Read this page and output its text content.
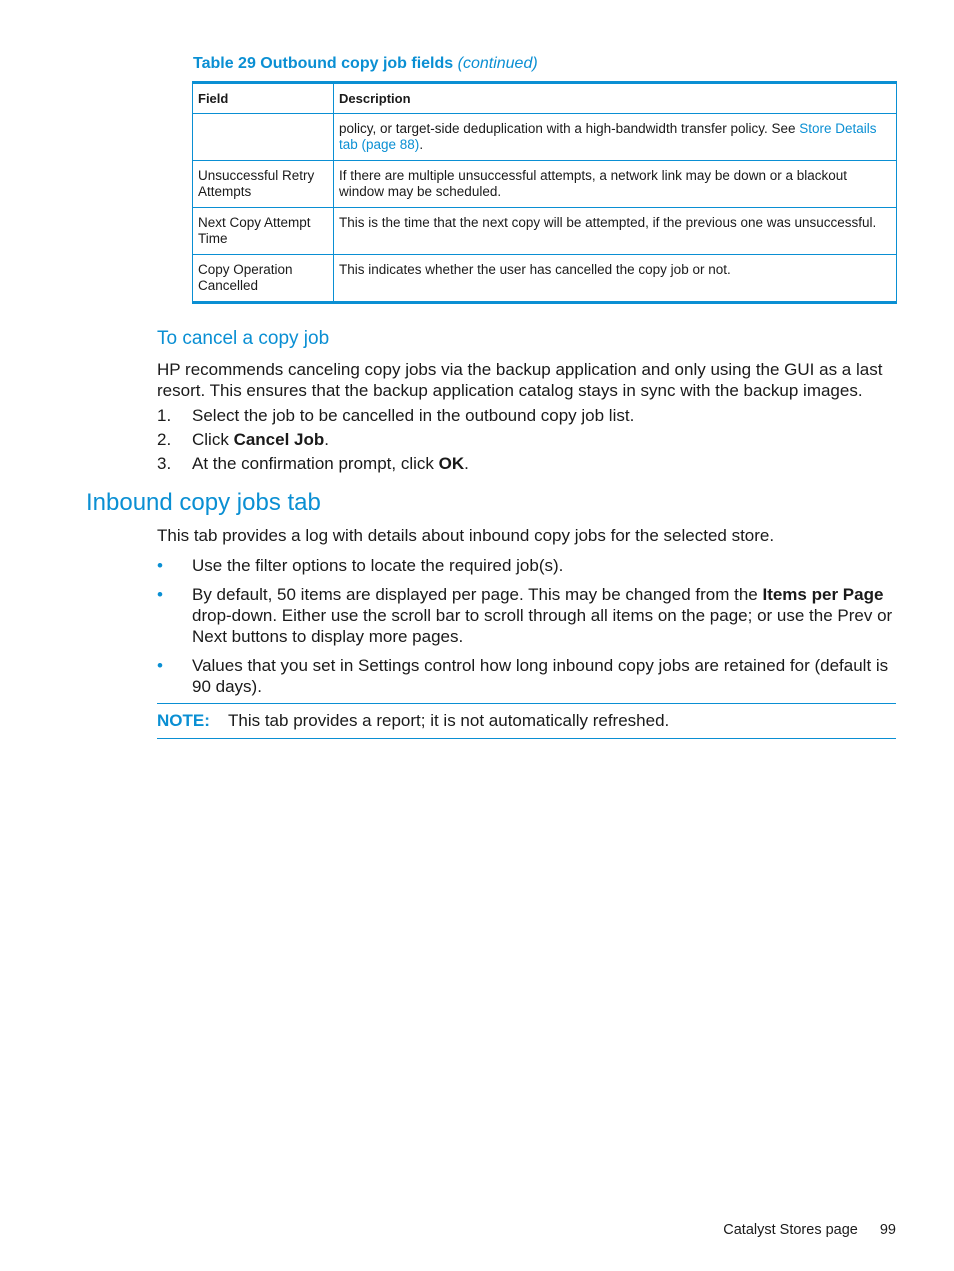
Table 29 Outbound copy job fields (continued)
Field	Description
	policy, or target-side deduplication with a high-bandwidth transfer policy. See Store Details tab (page 88).
Unsuccessful Retry Attempts	If there are multiple unsuccessful attempts, a network link may be down or a blackout window may be scheduled.
Next Copy Attempt Time	This is the time that the next copy will be attempted, if the previous one was unsuccessful.
Copy Operation Cancelled	This indicates whether the user has cancelled the copy job or not.
To cancel a copy job

HP recommends canceling copy jobs via the backup application and only using the GUI as a last resort. This ensures that the backup application catalog stays in sync with the backup images.

1. Select the job to be cancelled in the outbound copy job list.
2. Click Cancel Job.
3. At the confirmation prompt, click OK.
Inbound copy jobs tab

This tab provides a log with details about inbound copy jobs for the selected store.

• Use the filter options to locate the required job(s).
• By default, 50 items are displayed per page. This may be changed from the Items per Page drop-down. Either use the scroll bar to scroll through all items on the page; or use the Prev or Next buttons to display more pages.
• Values that you set in Settings control how long inbound copy jobs are retained for (default is 90 days).
NOTE: This tab provides a report; it is not automatically refreshed.
Catalyst Stores page 99
